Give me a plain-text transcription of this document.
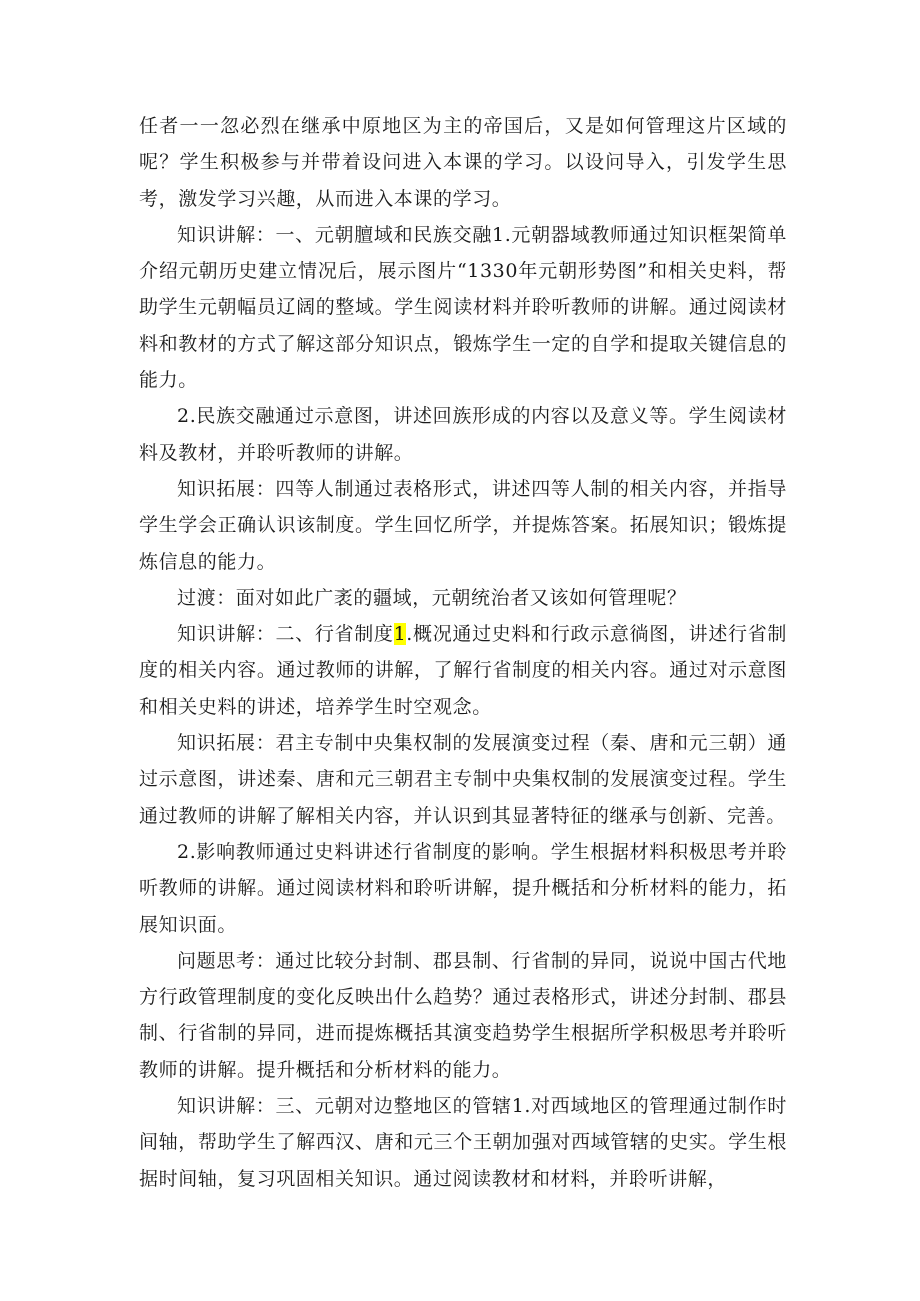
任者一一忽必烈在继承中原地区为主的帝国后，又是如何管理这片区域的呢？学生积极参与并带着设问进入本课的学习。以设问导入，引发学生思考，激发学习兴趣，从而进入本课的学习。

知识讲解：一、元朝膻域和民族交融1.元朝器域教师通过知识框架简单介绍元朝历史建立情况后，展示图片“1330年元朝形势图”和相关史料，帮助学生元朝幅员辽阔的整域。学生阅读材料并聆听教师的讲解。通过阅读材料和教材的方式了解这部分知识点，锻炼学生一定的自学和提取关键信息的能力。

2.民族交融通过示意图，讲述回族形成的内容以及意义等。学生阅读材料及教材，并聆听教师的讲解。

知识拓展：四等人制通过表格形式，讲述四等人制的相关内容，并指导学生学会正确认识该制度。学生回忆所学，并提炼答案。拓展知识；锻炼提炼信息的能力。

过渡：面对如此广袤的疆域，元朝统治者又该如何管理呢？

知识讲解：二、行省制度1.概况通过史料和行政示意徜图，讲述行省制度的相关内容。通过教师的讲解，了解行省制度的相关内容。通过对示意图和相关史料的讲述，培养学生时空观念。

知识拓展：君主专制中央集权制的发展演变过程（秦、唐和元三朝）通过示意图，讲述秦、唐和元三朝君主专制中央集权制的发展演变过程。学生通过教师的讲解了解相关内容，并认识到其显著特征的继承与创新、完善。

2.影响教师通过史料讲述行省制度的影响。学生根据材料积极思考并聆听教师的讲解。通过阅读材料和聆听讲解，提升概括和分析材料的能力，拓展知识面。

问题思考：通过比较分封制、郡县制、行省制的异同，说说中国古代地方行政管理制度的变化反映出什么趋势？通过表格形式，讲述分封制、郡县制、行省制的异同，进而提炼概括其演变趋势学生根据所学积极思考并聆听教师的讲解。提升概括和分析材料的能力。

知识讲解：三、元朝对边整地区的管辖1.对西域地区的管理通过制作时间轴，帮助学生了解西汉、唐和元三个王朝加强对西域管辖的史实。学生根据时间轴，复习巩固相关知识。通过阅读教材和材料，并聆听讲解，
